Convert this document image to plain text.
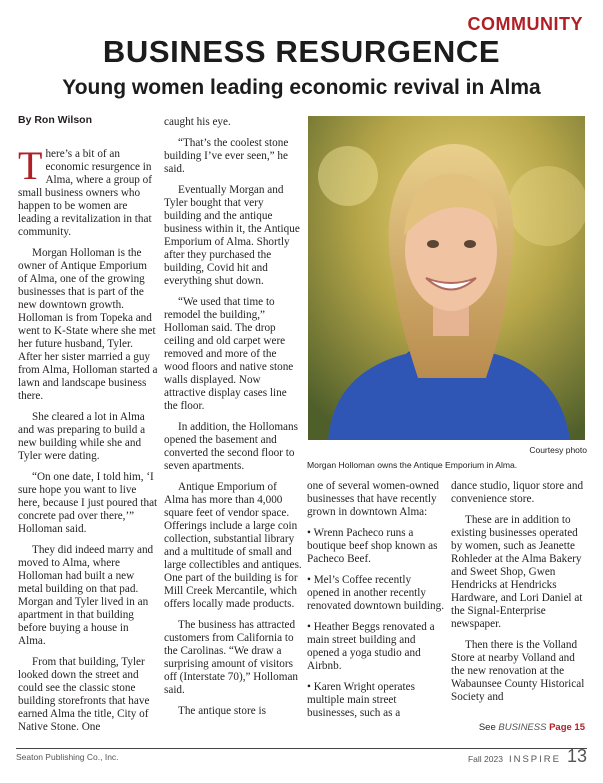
COMMUNITY
BUSINESS RESURGENCE
Young women leading economic revival in Alma
By Ron Wilson

There’s a bit of an economic resurgence in Alma, where a group of small business owners who happen to be women are leading a revitalization in that community.

Morgan Holloman is the owner of Antique Emporium of Alma, one of the growing businesses that is part of the new downtown growth. Holloman is from Topeka and went to K-State where she met her future husband, Tyler. After her sister married a guy from Alma, Holloman started a lawn and landscape business there.

She cleared a lot in Alma and was preparing to build a new building while she and Tyler were dating.

“On one date, I told him, ‘I sure hope you want to live here, because I just poured that concrete pad over there,’” Holloman said.

They did indeed marry and moved to Alma, where Holloman had built a new metal building on that pad. Morgan and Tyler lived in an apartment in that building before buying a house in Alma.

From that building, Tyler looked down the street and could see the classic stone building storefronts that have earned Alma the title, City of Native Stone. One

caught his eye.

“That’s the coolest stone building I’ve ever seen,” he said.

Eventually Morgan and Tyler bought that very building and the antique business within it, the Antique Emporium of Alma. Shortly after they purchased the building, Covid hit and everything shut down.

“We used that time to remodel the building,” Holloman said. The drop ceiling and old carpet were removed and more of the wood floors and native stone walls displayed. Now attractive display cases line the floor.

In addition, the Hollomans opened the basement and converted the second floor to seven apartments.

Antique Emporium of Alma has more than 4,000 square feet of vendor space. Offerings include a large coin collection, substantial library and a multitude of small and large collectibles and antiques. One part of the building is for Mill Creek Mercantile, which offers locally made products.

The business has attracted customers from California to the Carolinas. “We draw a surprising amount of visitors off (Interstate 70),” Holloman said.

The antique store is

Courtesy photo
Morgan Holloman owns the Antique Emporium in Alma.

one of several women-owned businesses that have recently grown in downtown Alma:

• Wrenn Pacheco runs a boutique beef shop known as Pacheco Beef.

• Mel’s Coffee recently opened in another recently renovated downtown building.

• Heather Beggs renovated a main street building and opened a yoga studio and Airbnb.

• Karen Wright operates multiple main street businesses, such as a

dance studio, liquor store and convenience store.

These are in addition to existing businesses operated by women, such as Jeanette Rohleder at the Alma Bakery and Sweet Shop, Gwen Hendricks at Hendricks Hardware, and Lori Daniel at the Signal-Enterprise newspaper.

Then there is the Volland Store at nearby Volland and the new renovation at the Wabaunsee County Historical Society and

See BUSINESS Page 15
Seaton Publishing Co., Inc.	Fall 2023 INSPIRE 13
